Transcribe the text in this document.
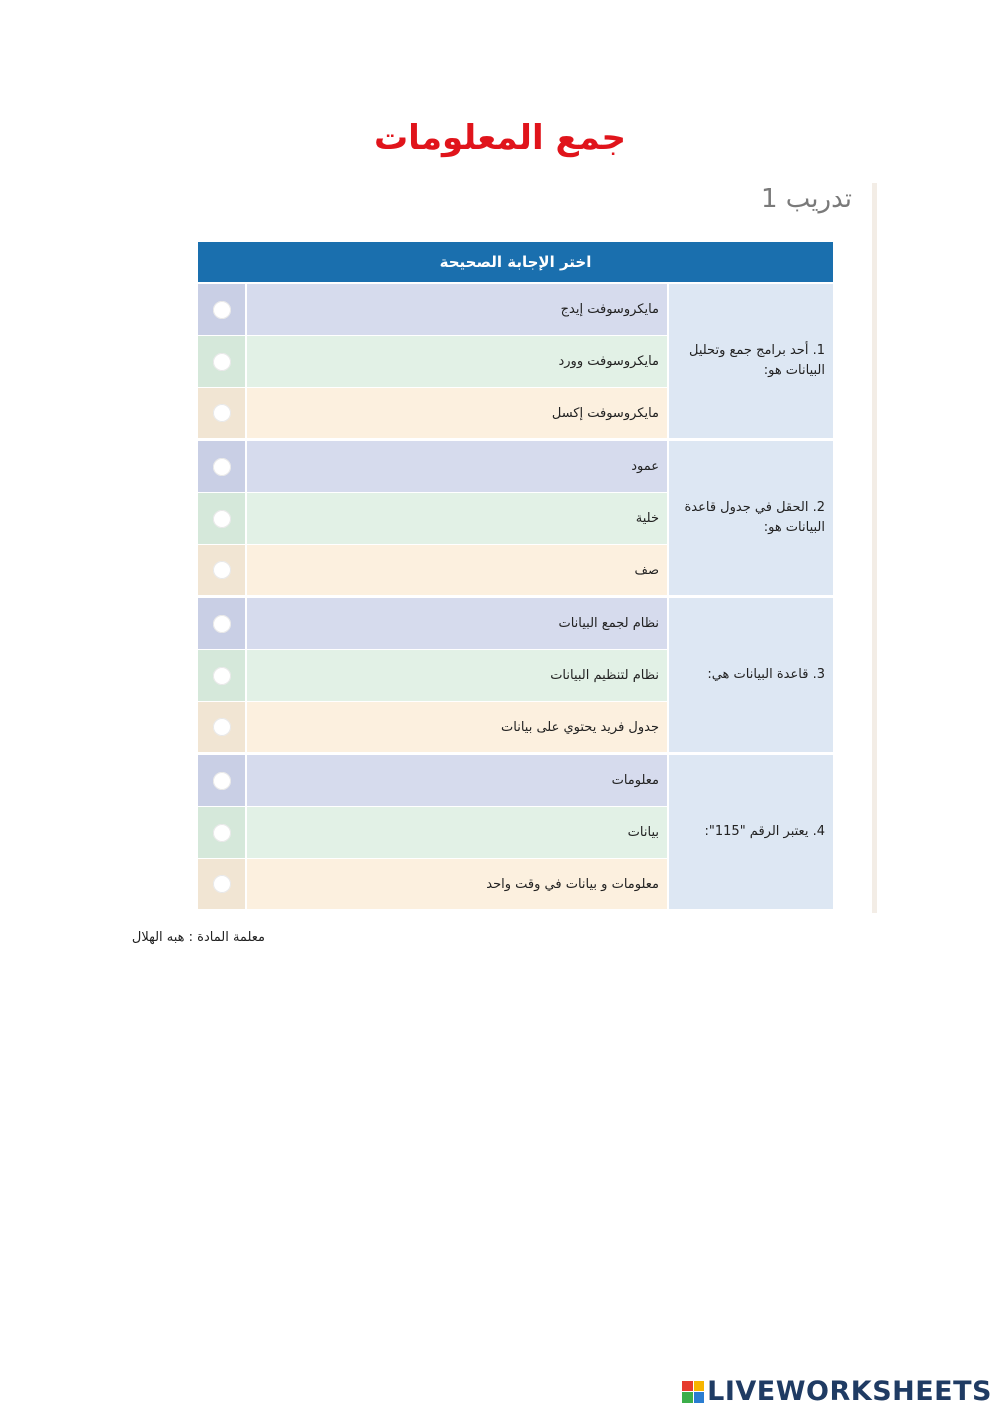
جمع المعلومات
تدريب 1
اختر الإجابة الصحيحة
1. أحد برامج جمع وتحليل البيانات هو:
مايكروسوفت إيدج
مايكروسوفت وورد
مايكروسوفت إكسل
2. الحقل في جدول قاعدة البيانات هو:
عمود
خلية
صف
3. قاعدة البيانات هي:
نظام لجمع البيانات
نظام لتنظيم البيانات
جدول فريد يحتوي على بيانات
4. يعتبر الرقم "115":
معلومات
بيانات
معلومات و بيانات في وقت واحد
معلمة المادة : هبه الهلال
LIVEWORKSHEETS
